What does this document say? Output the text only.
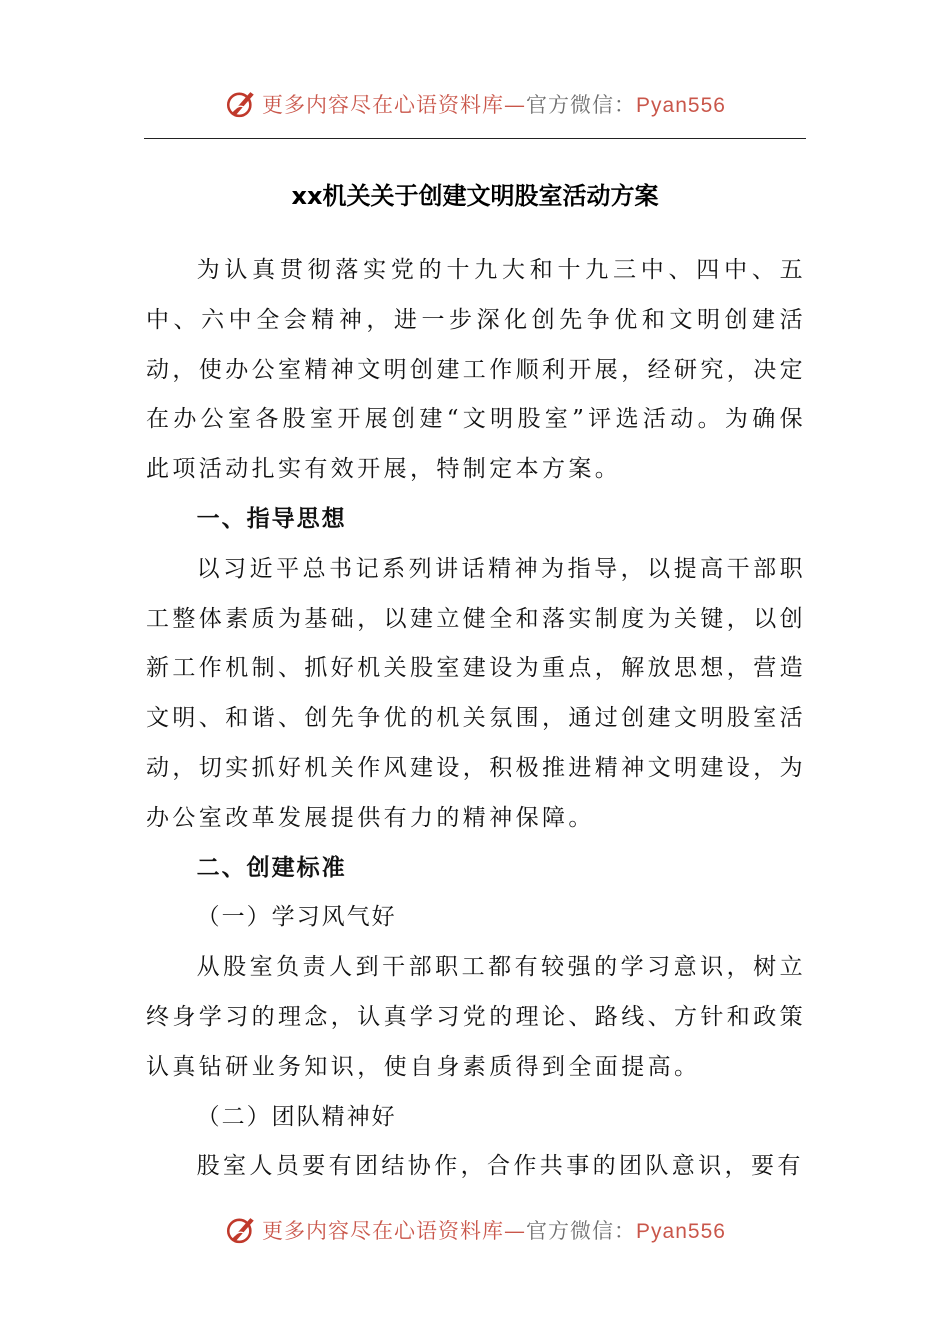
更多内容尽在心语资料库—官方微信：Pyan556
xx机关关于创建文明股室活动方案

为认真贯彻落实党的十九大和十九三中、四中、五中、六中全会精神，进一步深化创先争优和文明创建活动，使办公室精神文明创建工作顺利开展，经研究，决定在办公室各股室开展创建“文明股室”评选活动。为确保此项活动扎实有效开展，特制定本方案。

一、指导思想

以习近平总书记系列讲话精神为指导，以提高干部职工整体素质为基础，以建立健全和落实制度为关键，以创新工作机制、抓好机关股室建设为重点，解放思想，营造文明、和谐、创先争优的机关氛围，通过创建文明股室活动，切实抓好机关作风建设，积极推进精神文明建设，为办公室改革发展提供有力的精神保障。

二、创建标准

（一）学习风气好

从股室负责人到干部职工都有较强的学习意识，树立终身学习的理念，认真学习党的理论、路线、方针和政策认真钻研业务知识，使自身素质得到全面提高。

（二）团队精神好

股室人员要有团结协作，合作共事的团队意识，要有

更多内容尽在心语资料库—官方微信：Pyan556
